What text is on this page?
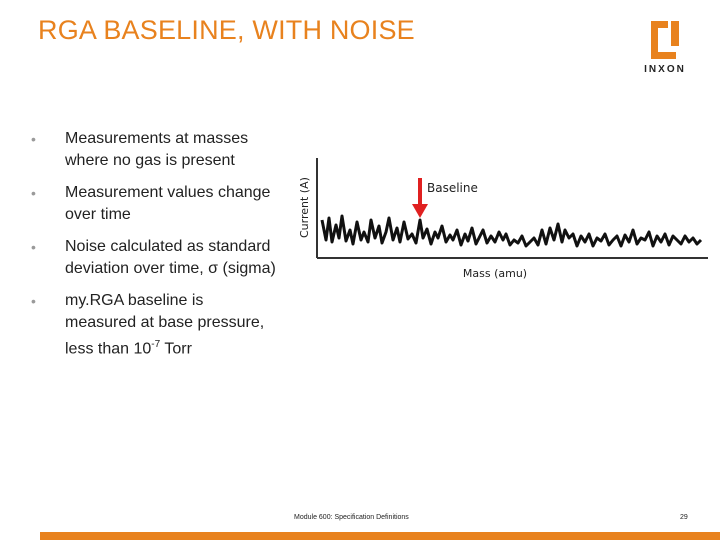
RGA BASELINE, WITH NOISE
INXON
• Measurements at masses where no gas is present
• Measurement values change over time
• Noise calculated as standard deviation over time, σ (sigma)
• my.RGA baseline is measured at base pressure, less than $10^{-7}$ Torr
Current (A)
Mass (amu)
Baseline
Module 600: Specification Definitions	29
